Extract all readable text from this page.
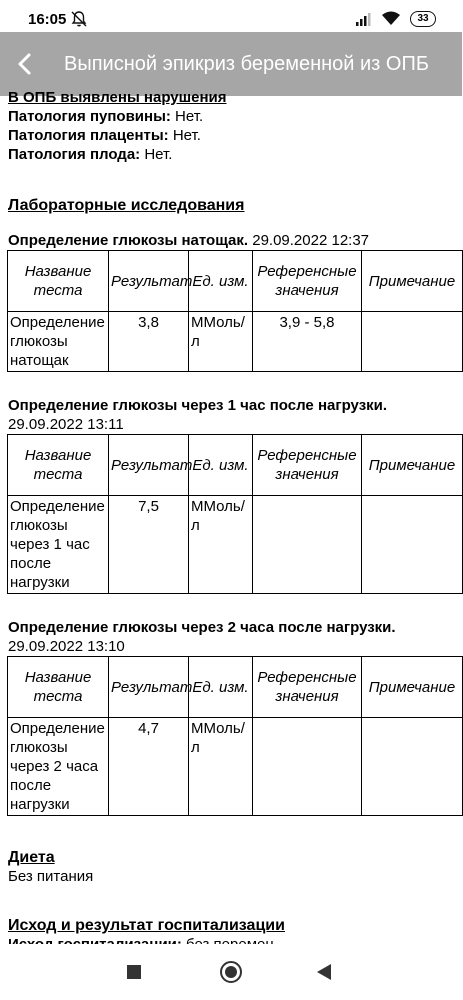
16:05	33
Выписной эпикриз беременной из ОПБ

В ОПБ выявлены нарушения

Патология пуповины: Нет.

Патология плаценты: Нет.

Патология плода: Нет.

Лабораторные исследования

Определение глюкозы натощак. 29.09.2022 12:37

Название теста	Результат	Ед. изм.	Референсные значения	Примечание
Определение глюкозы натощак	3,8	ММоль/л	3,9 - 5,8	

Определение глюкозы через 1 час после нагрузки.

29.09.2022 13:11

Название теста	Результат	Ед. изм.	Референсные значения	Примечание
Определение глюкозы через 1 час после нагрузки	7,5	ММоль/л		

Определение глюкозы через 2 часа после нагрузки.

29.09.2022 13:10

Название теста	Результат	Ед. изм.	Референсные значения	Примечание
Определение глюкозы через 2 часа после нагрузки	4,7	ММоль/л		

Диета

Без питания

Исход и результат госпитализации
